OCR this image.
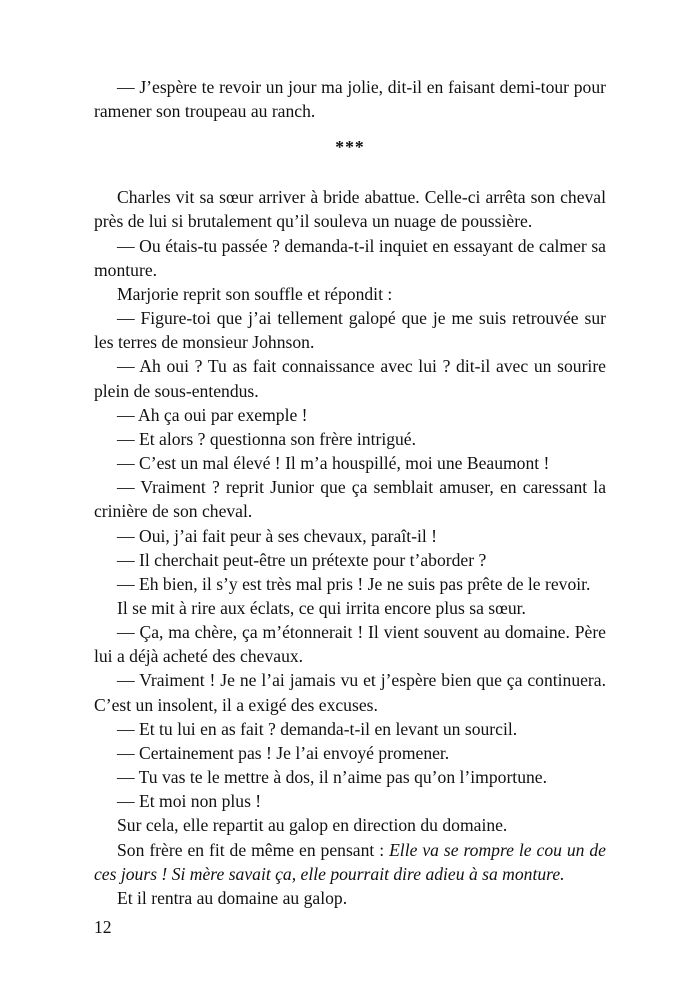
— J’espère te revoir un jour ma jolie, dit-il en faisant demi-tour pour ramener son troupeau au ranch.

***

Charles vit sa sœur arriver à bride abattue. Celle-ci arrêta son cheval près de lui si brutalement qu’il souleva un nuage de poussière.

— Ou étais-tu passée ? demanda-t-il inquiet en essayant de calmer sa monture.

Marjorie reprit son souffle et répondit :

— Figure-toi que j’ai tellement galopé que je me suis retrouvée sur les terres de monsieur Johnson.

— Ah oui ? Tu as fait connaissance avec lui ? dit-il avec un sourire plein de sous-entendus.

— Ah ça oui par exemple !

— Et alors ? questionna son frère intrigué.

— C’est un mal élevé ! Il m’a houspillé, moi une Beaumont !

— Vraiment ? reprit Junior que ça semblait amuser, en caressant la crinière de son cheval.

— Oui, j’ai fait peur à ses chevaux, paraît-il !

— Il cherchait peut-être un prétexte pour t’aborder ?

— Eh bien, il s’y est très mal pris ! Je ne suis pas prête de le revoir.

Il se mit à rire aux éclats, ce qui irrita encore plus sa sœur.

— Ça, ma chère, ça m’étonnerait ! Il vient souvent au domaine. Père lui a déjà acheté des chevaux.

— Vraiment ! Je ne l’ai jamais vu et j’espère bien que ça continuera. C’est un insolent, il a exigé des excuses.

— Et tu lui en as fait ? demanda-t-il en levant un sourcil.

— Certainement pas ! Je l’ai envoyé promener.

— Tu vas te le mettre à dos, il n’aime pas qu’on l’importune.

— Et moi non plus !

Sur cela, elle repartit au galop en direction du domaine.

Son frère en fit de même en pensant : Elle va se rompre le cou un de ces jours ! Si mère savait ça, elle pourrait dire adieu à sa monture.

Et il rentra au domaine au galop.

12
